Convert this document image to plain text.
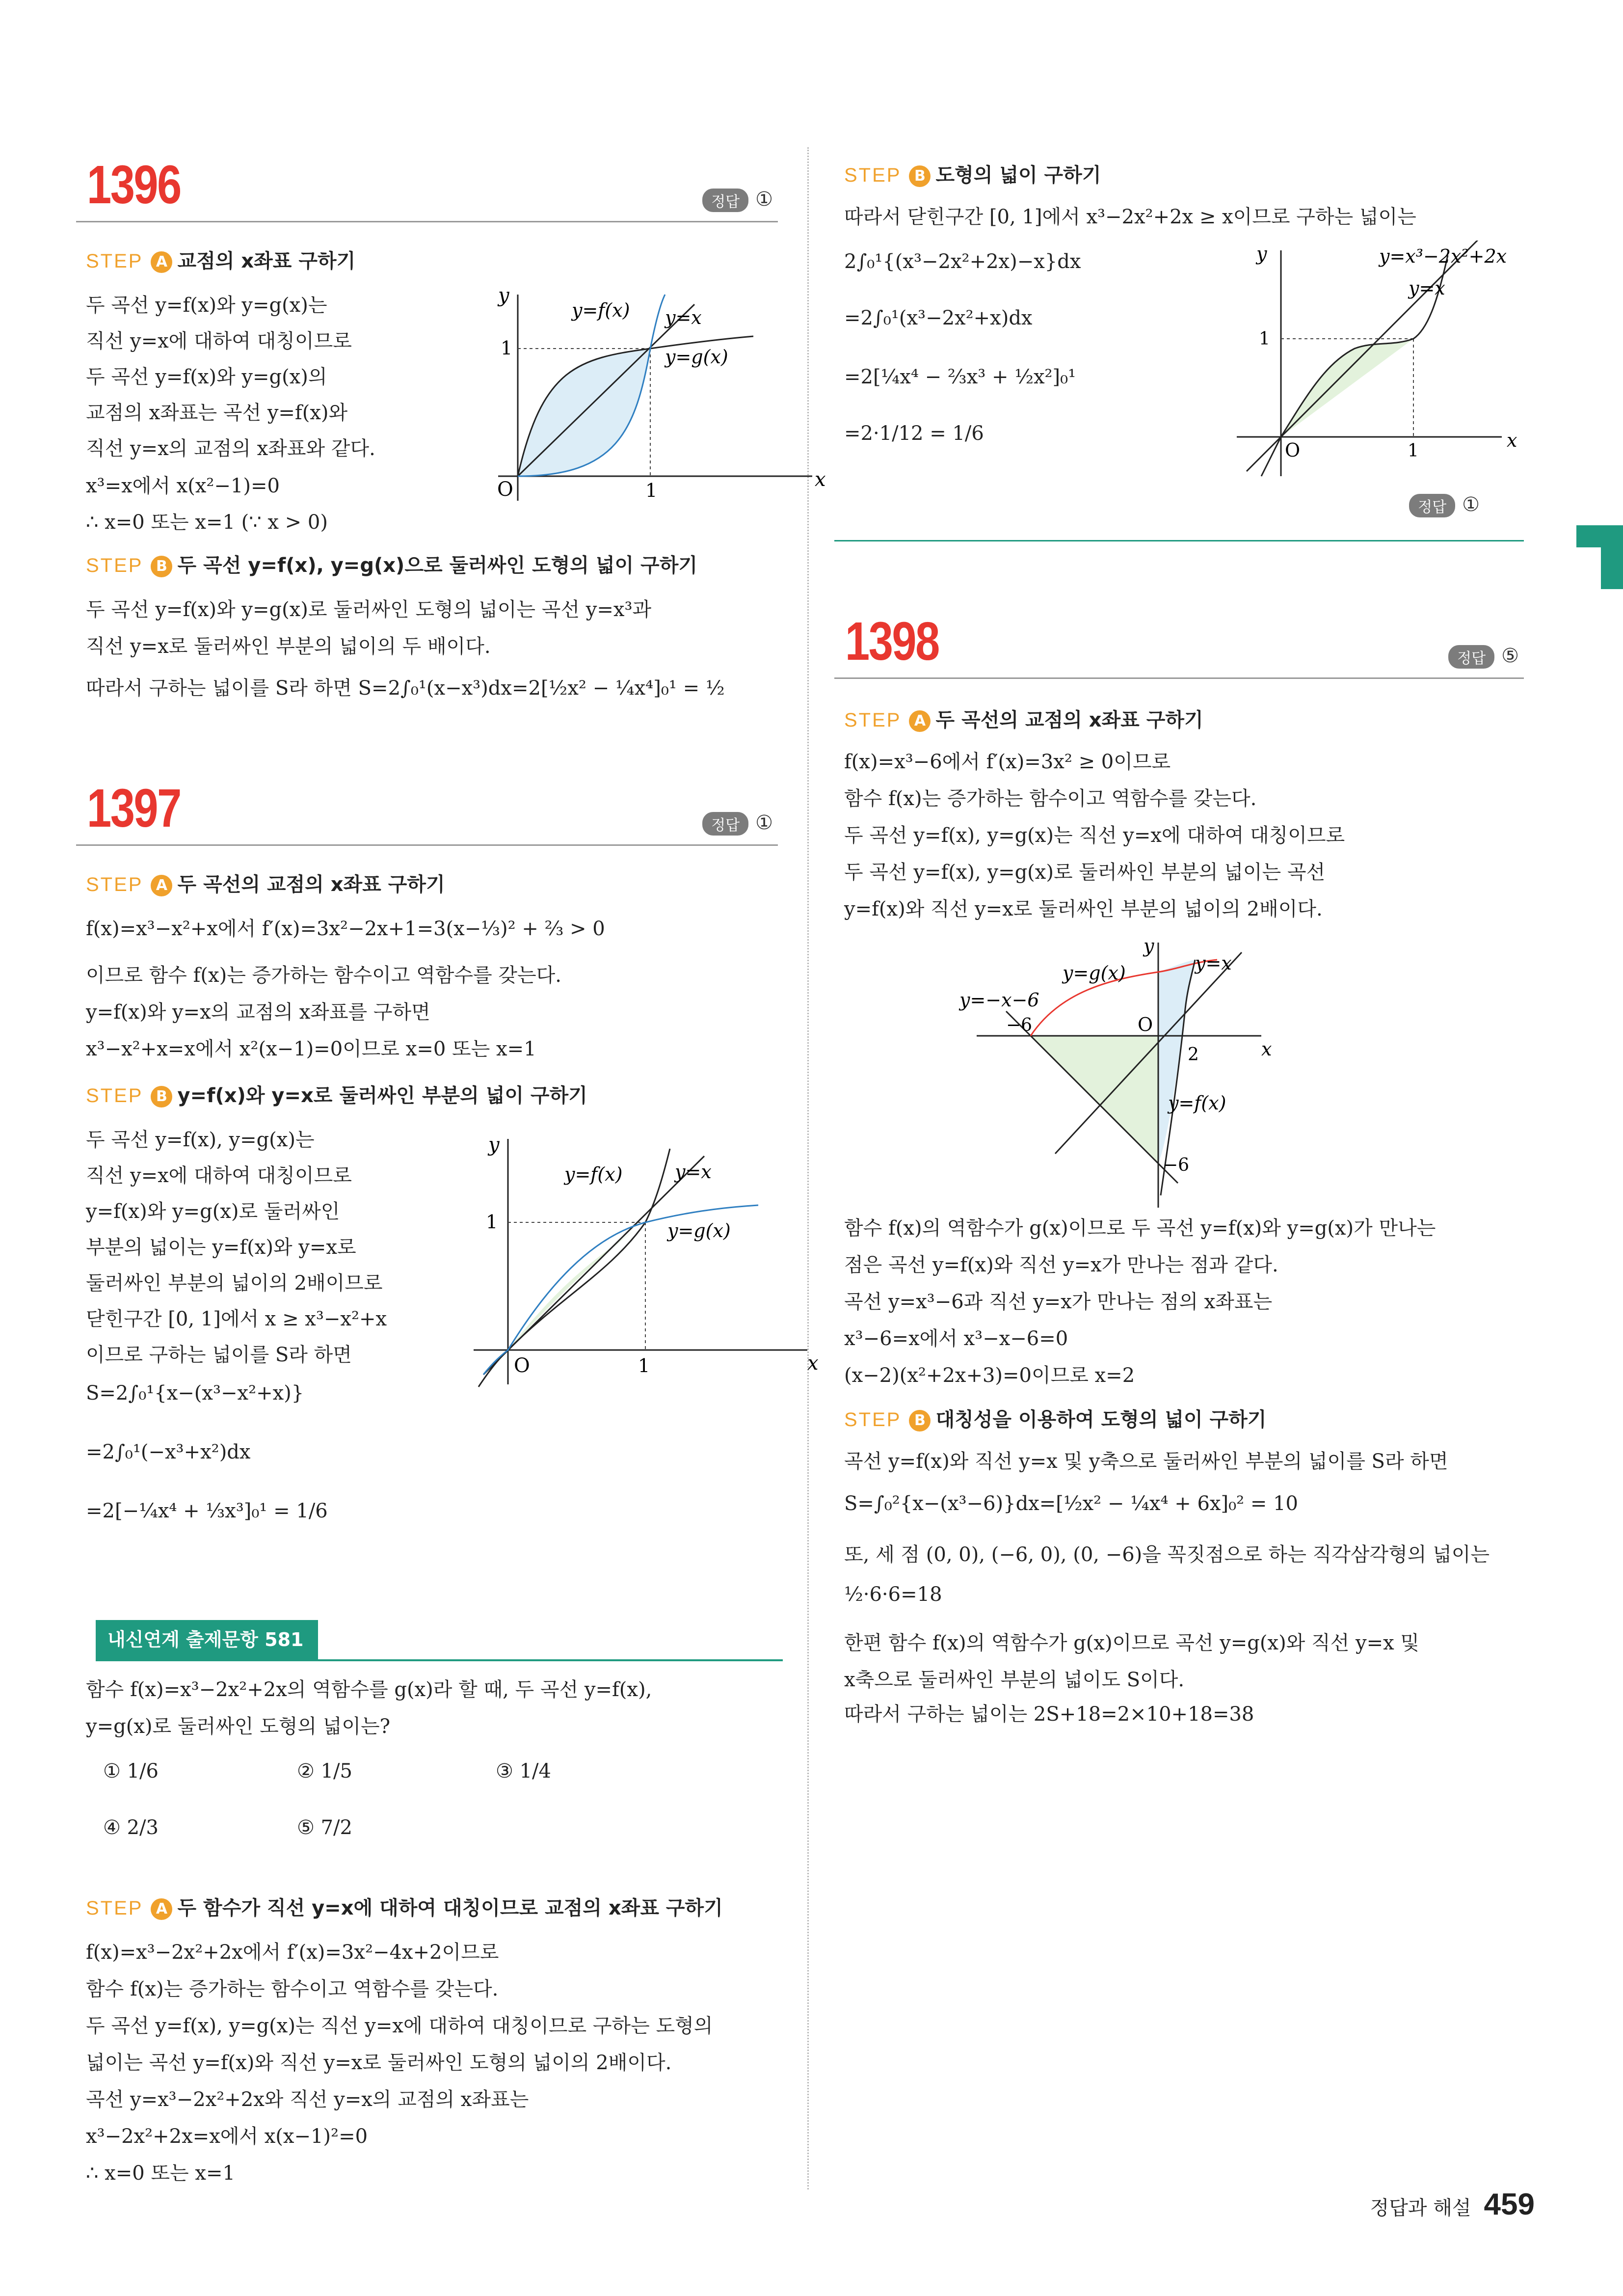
1396	정답 ①
STEP A 교점의 x좌표 구하기
두 곡선 y=f(x)와 y=g(x)는
직선 y=x에 대하여 대칭이므로
두 곡선 y=f(x)와 y=g(x)의
교점의 x좌표는 곡선 y=f(x)와
직선 y=x의 교점의 x좌표와 같다.
x³=x에서 x(x²−1)=0
∴ x=0 또는 x=1 (∵ x > 0)
y
x
O	1
1
y=f(x) y=x
y=g(x)
STEP B 두 곡선 y=f(x), y=g(x)으로 둘러싸인 도형의 넓이 구하기
두 곡선 y=f(x)와 y=g(x)로 둘러싸인 도형의 넓이는 곡선 y=x³과
직선 y=x로 둘러싸인 부분의 넓이의 두 배이다.
따라서 구하는 넓이를 S라 하면 S=2∫₀¹(x−x³)dx=2[½x² − ¼x⁴]₀¹ = ½
1397	정답 ①
STEP A 두 곡선의 교점의 x좌표 구하기
f(x)=x³−x²+x에서 f′(x)=3x²−2x+1=3(x−⅓)² + ⅔ > 0
이므로 함수 f(x)는 증가하는 함수이고 역함수를 갖는다.
y=f(x)와 y=x의 교점의 x좌표를 구하면
x³−x²+x=x에서 x²(x−1)=0이므로 x=0 또는 x=1
STEP B y=f(x)와 y=x로 둘러싸인 부분의 넓이 구하기
두 곡선 y=f(x), y=g(x)는
직선 y=x에 대하여 대칭이므로
y=f(x)와 y=g(x)로 둘러싸인
부분의 넓이는 y=f(x)와 y=x로
둘러싸인 부분의 넓이의 2배이므로
닫힌구간 [0, 1]에서 x ≥ x³−x²+x
이므로 구하는 넓이를 S라 하면
S=2∫₀¹{x−(x³−x²+x)}
=2∫₀¹(−x³+x²)dx
=2[−¼x⁴ + ⅓x³]₀¹ = 1/6
y
x
O	1
1
y=f(x)	y=x
y=g(x)
내신연계 출제문항 581
함수 f(x)=x³−2x²+2x의 역함수를 g(x)라 할 때, 두 곡선 y=f(x),
y=g(x)로 둘러싸인 도형의 넓이는?
① 1/6	② 1/5	③ 1/4
④ 2/3	⑤ 7/2
STEP A 두 함수가 직선 y=x에 대하여 대칭이므로 교점의 x좌표 구하기
f(x)=x³−2x²+2x에서 f′(x)=3x²−4x+2이므로
함수 f(x)는 증가하는 함수이고 역함수를 갖는다.
두 곡선 y=f(x), y=g(x)는 직선 y=x에 대하여 대칭이므로 구하는 도형의
넓이는 곡선 y=f(x)와 직선 y=x로 둘러싸인 도형의 넓이의 2배이다.
곡선 y=x³−2x²+2x와 직선 y=x의 교점의 x좌표는
x³−2x²+2x=x에서 x(x−1)²=0
∴ x=0 또는 x=1
STEP B 도형의 넓이 구하기
따라서 닫힌구간 [0, 1]에서 x³−2x²+2x ≥ x이므로 구하는 넓이는
2∫₀¹{(x³−2x²+2x)−x}dx
=2∫₀¹(x³−2x²+x)dx
=2[¼x⁴ − ⅔x³ + ½x²]₀¹
=2·1/12 = 1/6
y
x
O	1
1
y=x³−2x²+2x
y=x
정답 ①
1398	정답 ⑤
STEP A 두 곡선의 교점의 x좌표 구하기
f(x)=x³−6에서 f′(x)=3x² ≥ 0이므로
함수 f(x)는 증가하는 함수이고 역함수를 갖는다.
두 곡선 y=f(x), y=g(x)는 직선 y=x에 대하여 대칭이므로
두 곡선 y=f(x), y=g(x)로 둘러싸인 부분의 넓이는 곡선
y=f(x)와 직선 y=x로 둘러싸인 부분의 넓이의 2배이다.
y
x
O
y=x
y=g(x)
y=−x−6
−6
2
y=f(x)
−6
함수 f(x)의 역함수가 g(x)이므로 두 곡선 y=f(x)와 y=g(x)가 만나는
점은 곡선 y=f(x)와 직선 y=x가 만나는 점과 같다.
곡선 y=x³−6과 직선 y=x가 만나는 점의 x좌표는
x³−6=x에서 x³−x−6=0
(x−2)(x²+2x+3)=0이므로 x=2
STEP B 대칭성을 이용하여 도형의 넓이 구하기
곡선 y=f(x)와 직선 y=x 및 y축으로 둘러싸인 부분의 넓이를 S라 하면
S=∫₀²{x−(x³−6)}dx=[½x² − ¼x⁴ + 6x]₀² = 10
또, 세 점 (0, 0), (−6, 0), (0, −6)을 꼭짓점으로 하는 직각삼각형의 넓이는
½·6·6=18
한편 함수 f(x)의 역함수가 g(x)이므로 곡선 y=g(x)와 직선 y=x 및
x축으로 둘러싸인 부분의 넓이도 S이다.
따라서 구하는 넓이는 2S+18=2×10+18=38
정답과 해설 459
